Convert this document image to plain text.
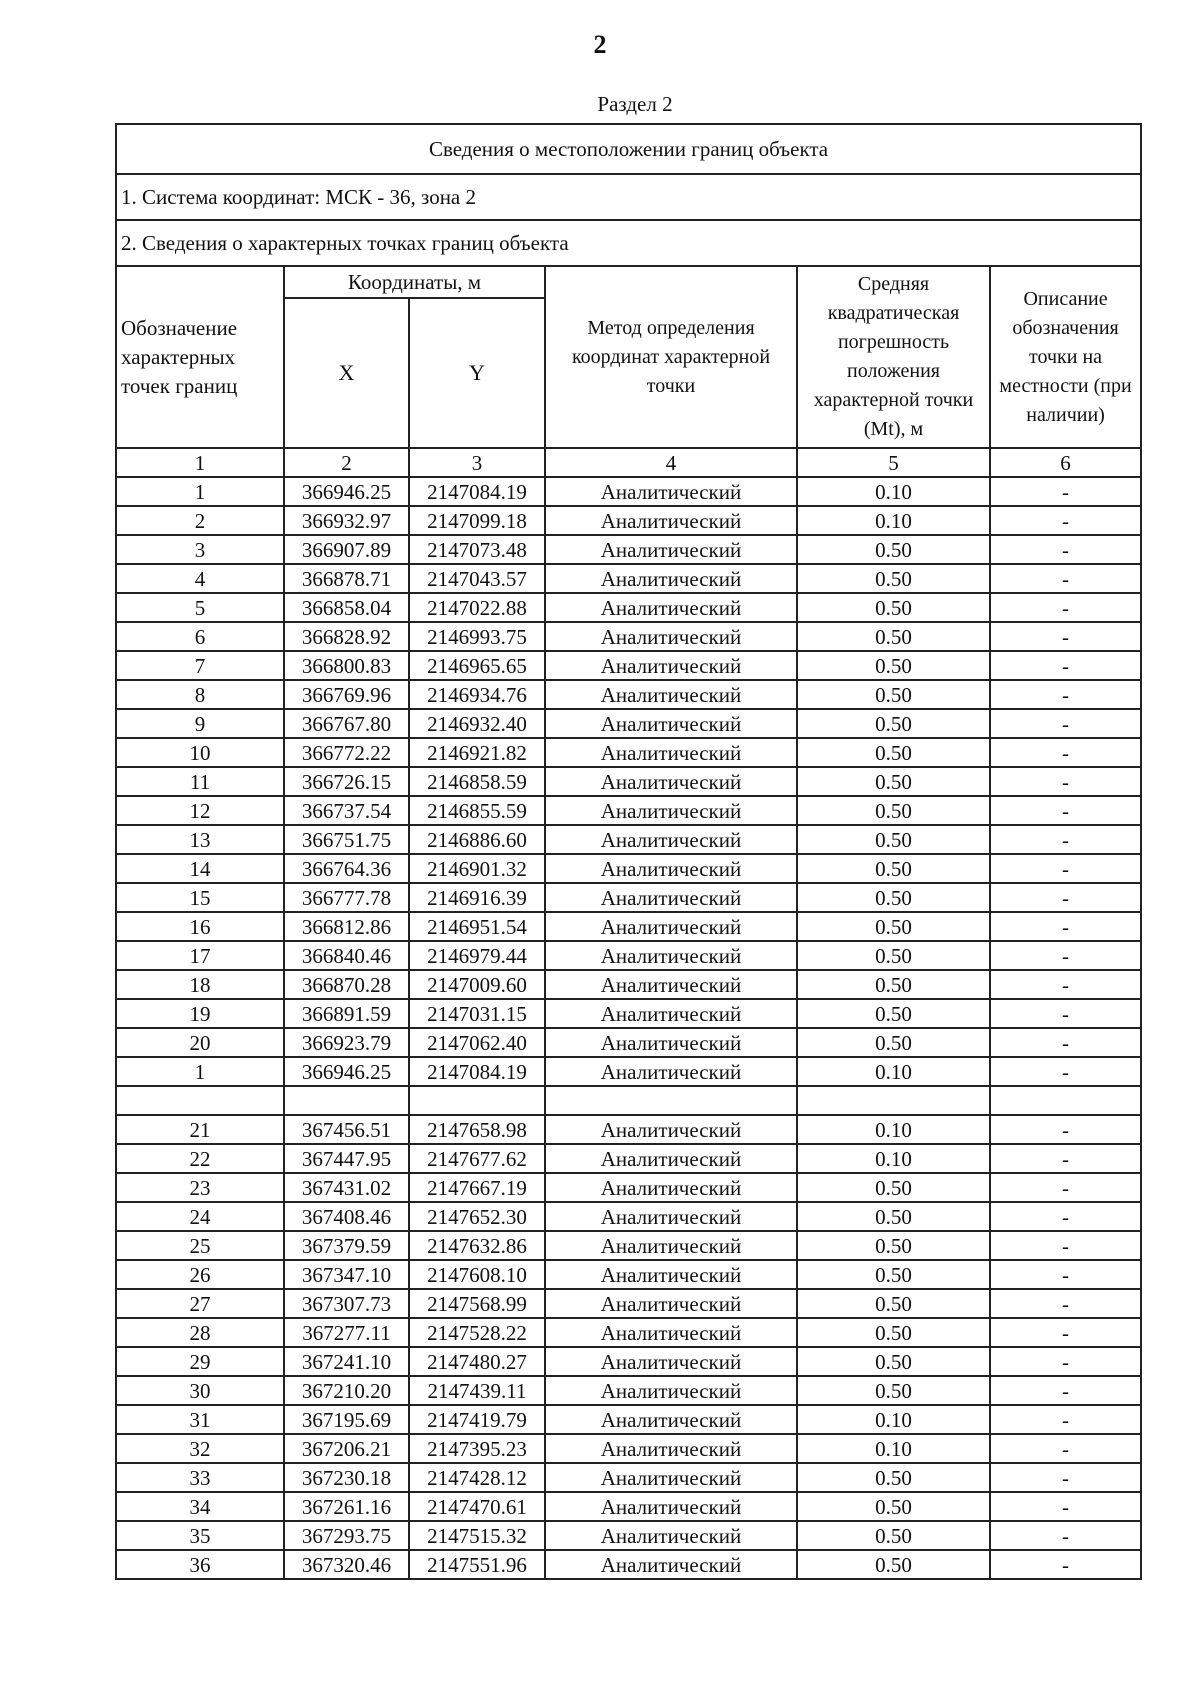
2
Раздел 2
Сведения о местоположении границ объекта					
1. Система координат: МСК - 36, зона 2					
2. Сведения о характерных точках границ объекта					
Обозначение характерных точек границ	Координаты, м		Метод определения координат характерной точки	Средняя квадратическая погрешность положения характерной точки (Mt), м	Описание обозначения точки на местности (при наличии)
	X	Y			
1	2	3	4	5	6
1	366946.25	2147084.19	Аналитический	0.10	-
2	366932.97	2147099.18	Аналитический	0.10	-
3	366907.89	2147073.48	Аналитический	0.50	-
4	366878.71	2147043.57	Аналитический	0.50	-
5	366858.04	2147022.88	Аналитический	0.50	-
6	366828.92	2146993.75	Аналитический	0.50	-
7	366800.83	2146965.65	Аналитический	0.50	-
8	366769.96	2146934.76	Аналитический	0.50	-
9	366767.80	2146932.40	Аналитический	0.50	-
10	366772.22	2146921.82	Аналитический	0.50	-
11	366726.15	2146858.59	Аналитический	0.50	-
12	366737.54	2146855.59	Аналитический	0.50	-
13	366751.75	2146886.60	Аналитический	0.50	-
14	366764.36	2146901.32	Аналитический	0.50	-
15	366777.78	2146916.39	Аналитический	0.50	-
16	366812.86	2146951.54	Аналитический	0.50	-
17	366840.46	2146979.44	Аналитический	0.50	-
18	366870.28	2147009.60	Аналитический	0.50	-
19	366891.59	2147031.15	Аналитический	0.50	-
20	366923.79	2147062.40	Аналитический	0.50	-
1	366946.25	2147084.19	Аналитический	0.10	-

21	367456.51	2147658.98	Аналитический	0.10	-
22	367447.95	2147677.62	Аналитический	0.10	-
23	367431.02	2147667.19	Аналитический	0.50	-
24	367408.46	2147652.30	Аналитический	0.50	-
25	367379.59	2147632.86	Аналитический	0.50	-
26	367347.10	2147608.10	Аналитический	0.50	-
27	367307.73	2147568.99	Аналитический	0.50	-
28	367277.11	2147528.22	Аналитический	0.50	-
29	367241.10	2147480.27	Аналитический	0.50	-
30	367210.20	2147439.11	Аналитический	0.50	-
31	367195.69	2147419.79	Аналитический	0.10	-
32	367206.21	2147395.23	Аналитический	0.10	-
33	367230.18	2147428.12	Аналитический	0.50	-
34	367261.16	2147470.61	Аналитический	0.50	-
35	367293.75	2147515.32	Аналитический	0.50	-
36	367320.46	2147551.96	Аналитический	0.50	-
